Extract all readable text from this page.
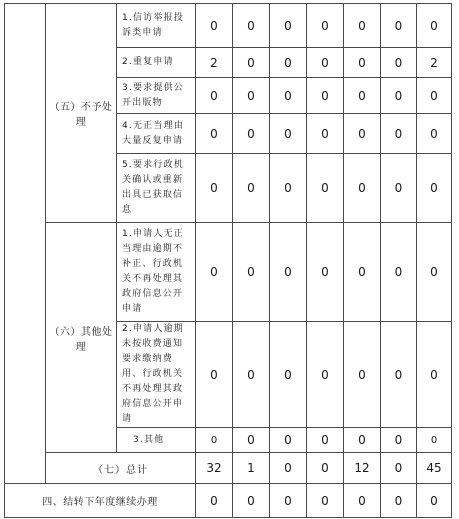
	（五）不予处理	1.信访举报投诉类申请	0	0	0	0	0	0	0
		2.重复申请	2	0	0	0	0	0	2
		3.要求提供公开出版物	0	0	0	0	0	0	0
		4.无正当理由大量反复申请	0	0	0	0	0	0	0
		5.要求行政机关确认或重新出具已获取信息	0	0	0	0	0	0	0
	（六）其他处理	1.申请人无正当理由逾期不补正、行政机关不再处理其政府信息公开申请	0	0	0	0	0	0	0
		2.申请人逾期未按收费通知要求缴纳费用、行政机关不再处理其政府信息公开申请	0	0	0	0	0	0	0
		3.其他	0	0	0	0	0	0	0
	（七）总计		32	1	0	0	12	0	45
四、结转下年度继续办理			0	0	0	0	0	0	0
